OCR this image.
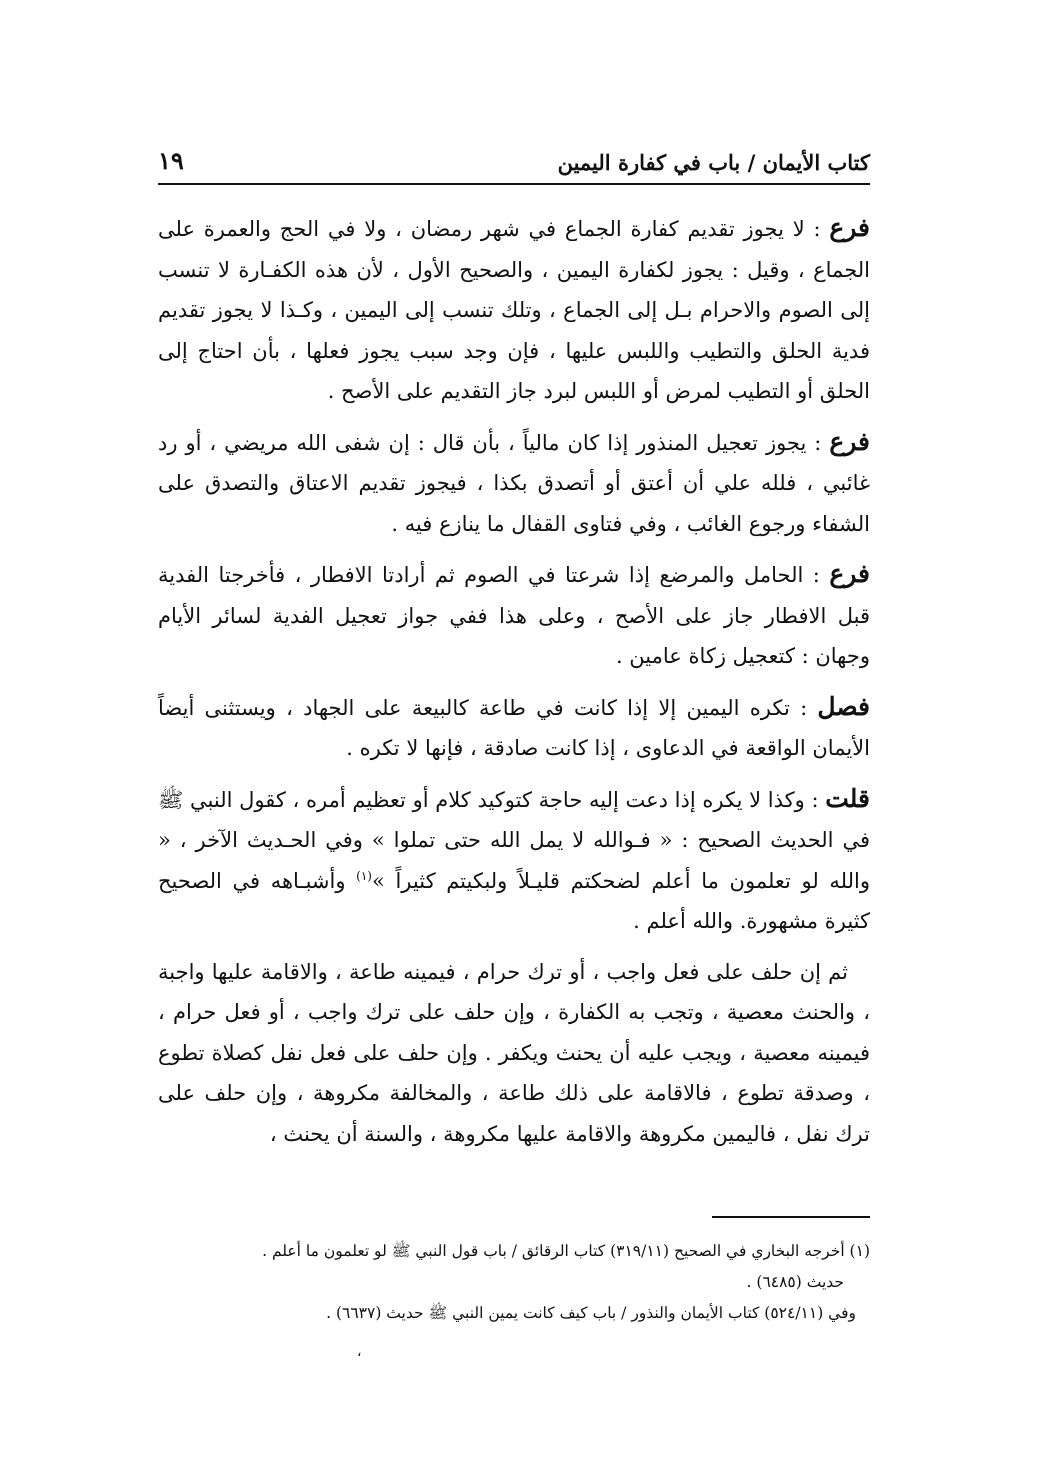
كتاب الأيمان / باب في كفارة اليمين
١٩

فرع : لا يجوز تقديم كفارة الجماع في شهر رمضان ، ولا في الحج والعمرة على الجماع ، وقيل : يجوز لكفارة اليمين ، والصحيح الأول ، لأن هذه الكفـارة لا تنسب إلى الصوم والاحرام بـل إلى الجماع ، وتلك تنسب إلى اليمين ، وكـذا لا يجوز تقديم فدية الحلق والتطيب واللبس عليها ، فإن وجد سبب يجوز فعلها ، بأن احتاج إلى الحلق أو التطيب لمرض أو اللبس لبرد جاز التقديم على الأصح .

فرع : يجوز تعجيل المنذور إذا كان مالياً ، بأن قال : إن شفى الله مريضي ، أو رد غائبي ، فلله علي أن أعتق أو أتصدق بكذا ، فيجوز تقديم الاعتاق والتصدق على الشفاء ورجوع الغائب ، وفي فتاوى القفال ما ينازع فيه .

فرع : الحامل والمرضع إذا شرعتا في الصوم ثم أرادتا الافطار ، فأخرجتا الفدية قبل الافطار جاز على الأصح ، وعلى هذا ففي جواز تعجيل الفدية لسائر الأيام وجهان : كتعجيل زكاة عامين .

فصل : تكره اليمين إلا إذا كانت في طاعة كالبيعة على الجهاد ، ويستثنى أيضاً الأيمان الواقعة في الدعاوى ، إذا كانت صادقة ، فإنها لا تكره .

قلت : وكذا لا يكره إذا دعت إليه حاجة كتوكيد كلام أو تعظيم أمره ، كقول النبي ﷺ في الحديث الصحيح : « فـوالله لا يمل الله حتى تملوا » وفي الحـديث الآخر ، « والله لو تعلمون ما أعلم لضحكتم قليـلاً ولبكيتم كثيراً »$^{(١)}$ وأشبـاهه في الصحيح كثيرة مشهورة. والله أعلم .

ثم إن حلف على فعل واجب ، أو ترك حرام ، فيمينه طاعة ، والاقامة عليها واجبة ، والحنث معصية ، وتجب به الكفارة ، وإن حلف على ترك واجب ، أو فعل حرام ، فيمينه معصية ، ويجب عليه أن يحنث ويكفر . وإن حلف على فعل نفل كصلاة تطوع ، وصدقة تطوع ، فالاقامة على ذلك طاعة ، والمخالفة مكروهة ، وإن حلف على ترك نفل ، فاليمين مكروهة والاقامة عليها مكروهة ، والسنة أن يحنث ،

(١) أخرجه البخاري في الصحيح (٣١٩/١١) كتاب الرقائق / باب قول النبي ﷺ لو تعلمون ما أعلم .

حديث (٦٤٨٥) .

وفي (٥٢٤/١١) كتاب الأيمان والنذور / باب كيف كانت يمين النبي ﷺ حديث (٦٦٣٧) .

،
